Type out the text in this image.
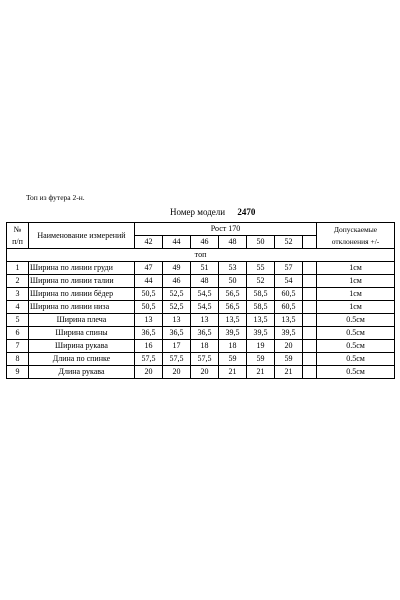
Топ из футера 2-н.
Номер модели 2470
№
п/п	Наименование измерений	Рост 170							Допускаемые
отклонения +/-

		42	44	46	48	50	52		
топ									
1	Ширина по линии груди	47	49	51	53	55	57		1см
2	Ширина по линии талии	44	46	48	50	52	54		1см
3	Ширина по линии бёдер	50,5	52,5	54,5	56,5	58,5	60,5		1см
4	Ширина по линии низа	50,5	52,5	54,5	56,5	58,5	60,5		1см
5	Ширина плеча	13	13	13	13,5	13,5	13,5		0.5см
6	Ширина спины	36,5	36,5	36,5	39,5	39,5	39,5		0.5см
7	Ширина рукава	16	17	18	18	19	20		0.5см
8	Длина по спинке	57,5	57,5	57,5	59	59	59		0.5см
9	Длина рукава	20	20	20	21	21	21		0.5см
